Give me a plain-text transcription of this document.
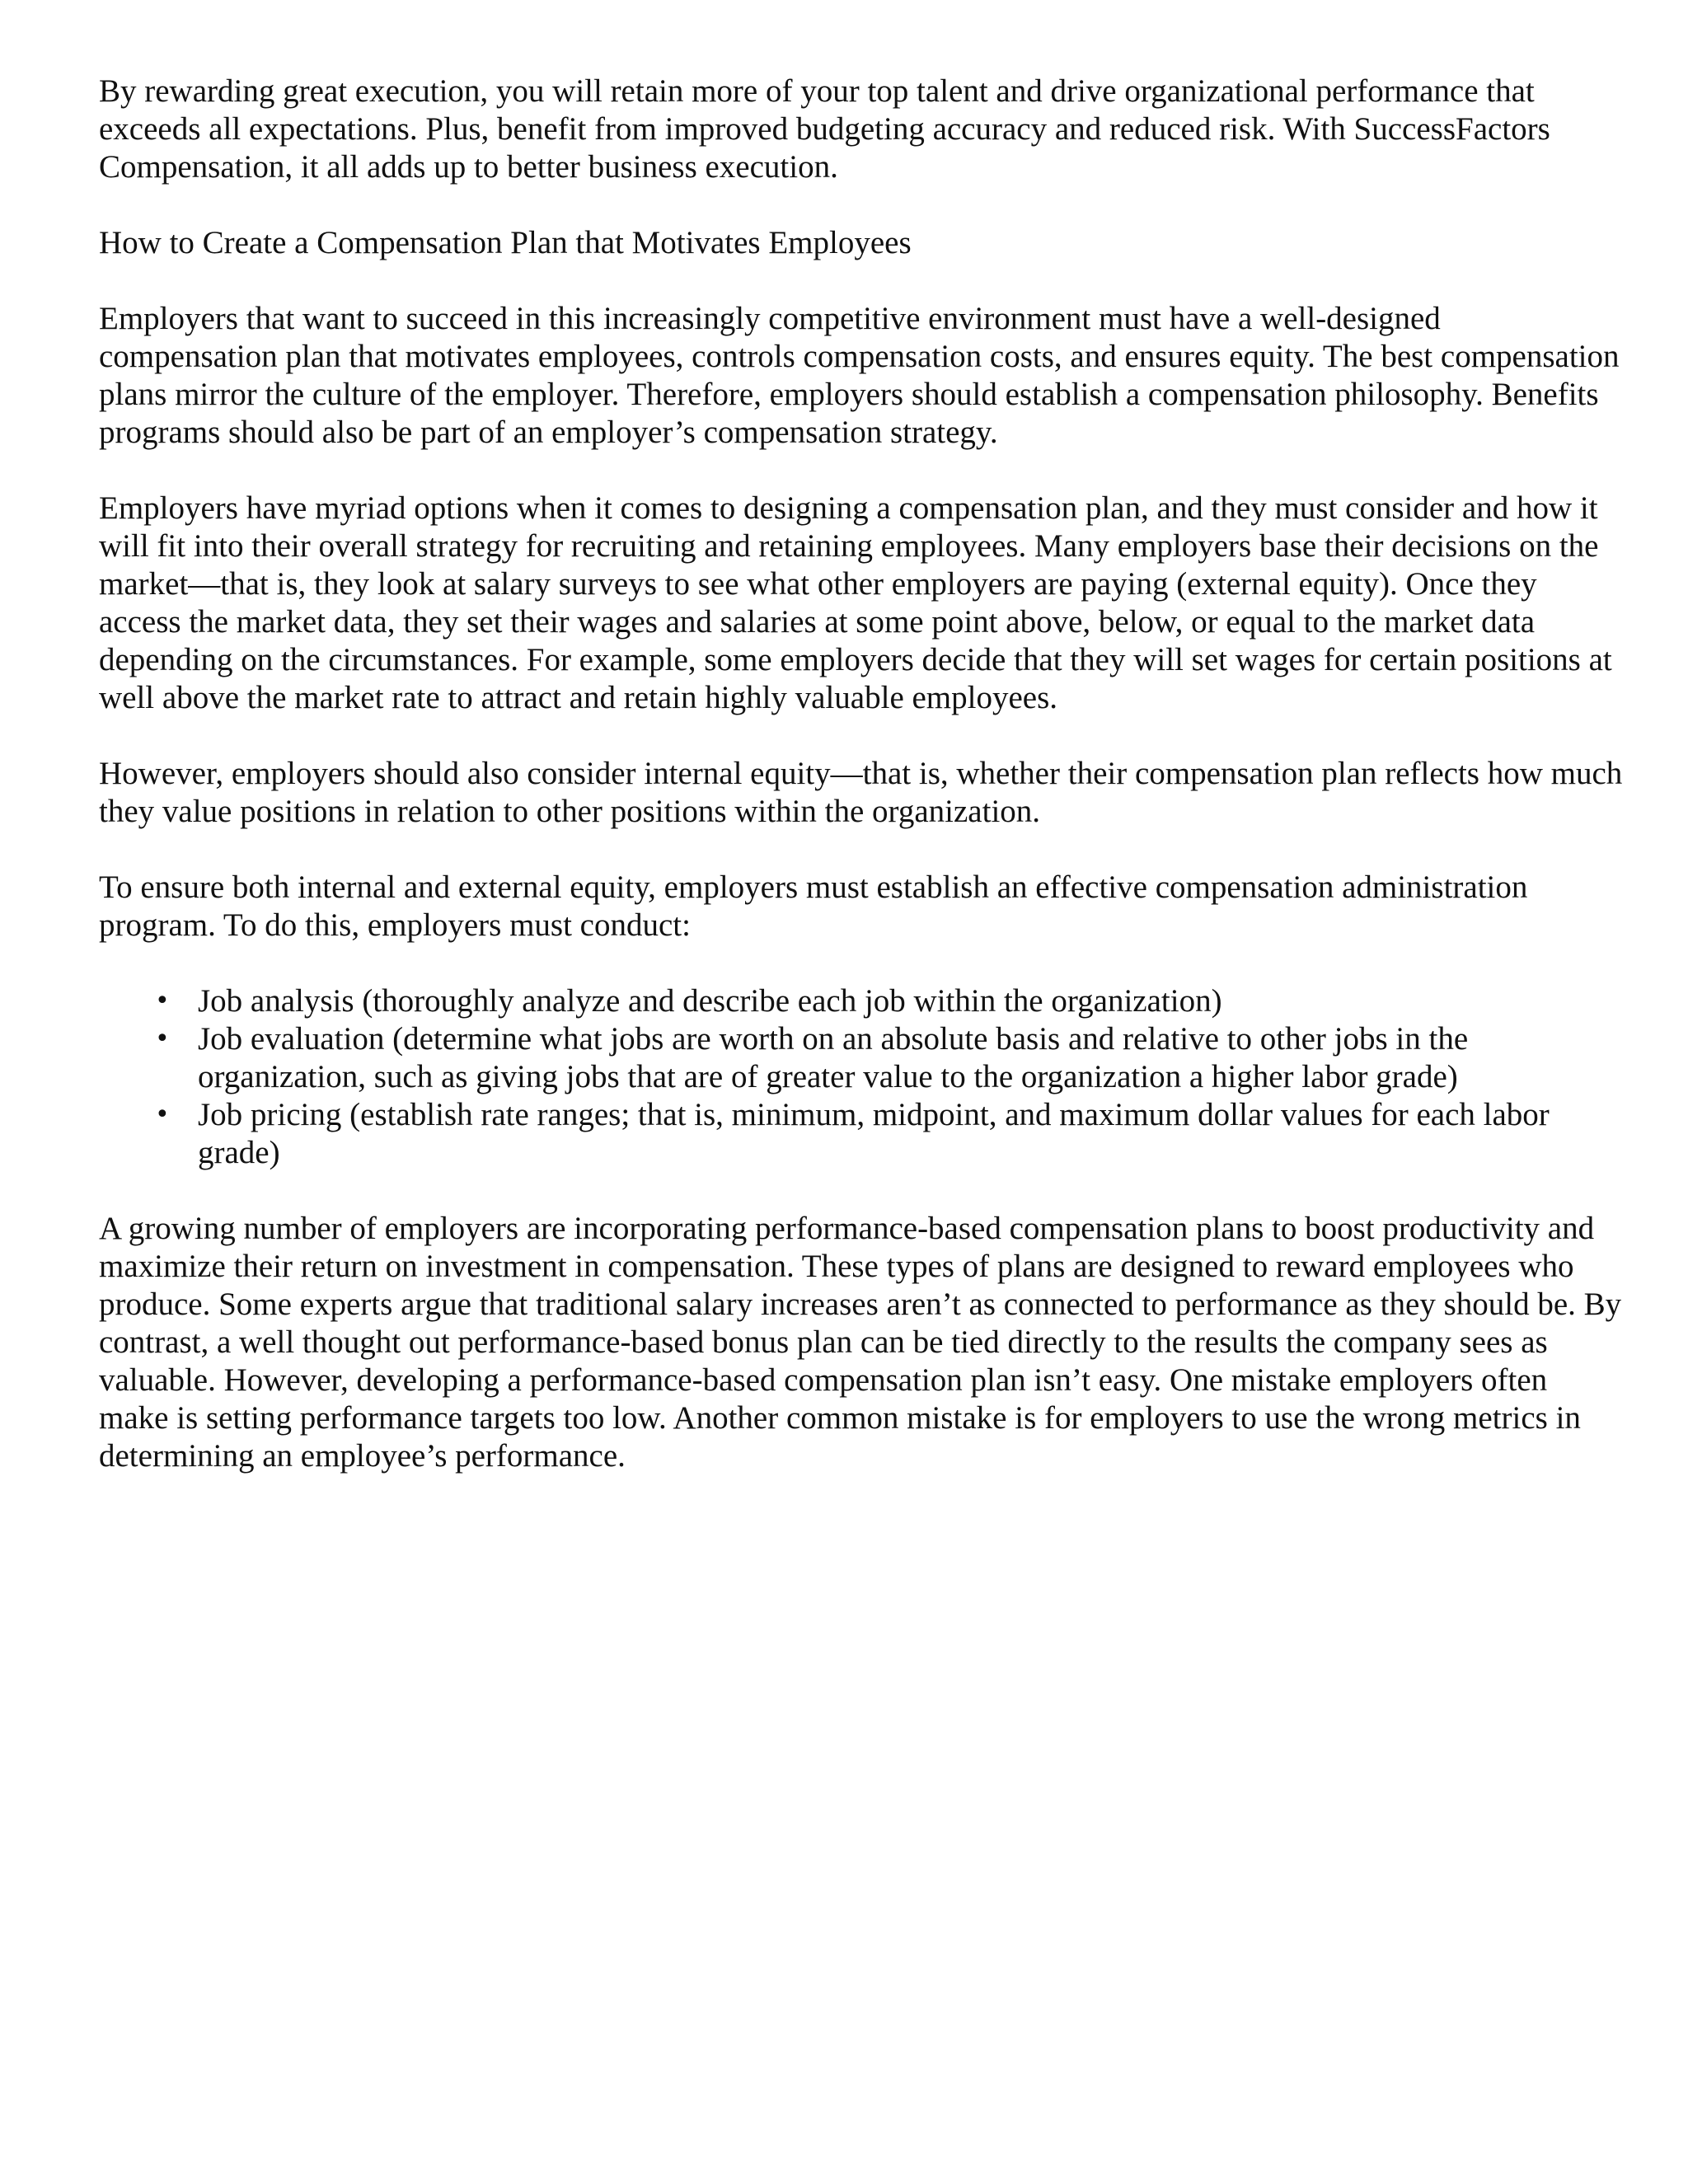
By rewarding great execution, you will retain more of your top talent and drive organizational performance that exceeds all expectations. Plus, benefit from improved budgeting accuracy and reduced risk. With SuccessFactors Compensation, it all adds up to better business execution.

How to Create a Compensation Plan that Motivates Employees

Employers that want to succeed in this increasingly competitive environment must have a well-designed compensation plan that motivates employees, controls compensation costs, and ensures equity. The best compensation plans mirror the culture of the employer. Therefore, employers should establish a compensation philosophy. Benefits programs should also be part of an employer’s compensation strategy.

Employers have myriad options when it comes to designing a compensation plan, and they must consider and how it will fit into their overall strategy for recruiting and retaining employees. Many employers base their decisions on the market—that is, they look at salary surveys to see what other employers are paying (external equity). Once they access the market data, they set their wages and salaries at some point above, below, or equal to the market data depending on the circumstances. For example, some employers decide that they will set wages for certain positions at well above the market rate to attract and retain highly valuable employees.

However, employers should also consider internal equity—that is, whether their compensation plan reflects how much they value positions in relation to other positions within the organization.

To ensure both internal and external equity, employers must establish an effective compensation administration program. To do this, employers must conduct:

• Job analysis (thoroughly analyze and describe each job within the organization)
• Job evaluation (determine what jobs are worth on an absolute basis and relative to other jobs in the organization, such as giving jobs that are of greater value to the organization a higher labor grade)
• Job pricing (establish rate ranges; that is, minimum, midpoint, and maximum dollar values for each labor grade)

A growing number of employers are incorporating performance-based compensation plans to boost productivity and maximize their return on investment in compensation. These types of plans are designed to reward employees who produce. Some experts argue that traditional salary increases aren’t as connected to performance as they should be. By contrast, a well thought out performance-based bonus plan can be tied directly to the results the company sees as valuable. However, developing a performance-based compensation plan isn’t easy. One mistake employers often make is setting performance targets too low. Another common mistake is for employers to use the wrong metrics in determining an employee’s performance.
